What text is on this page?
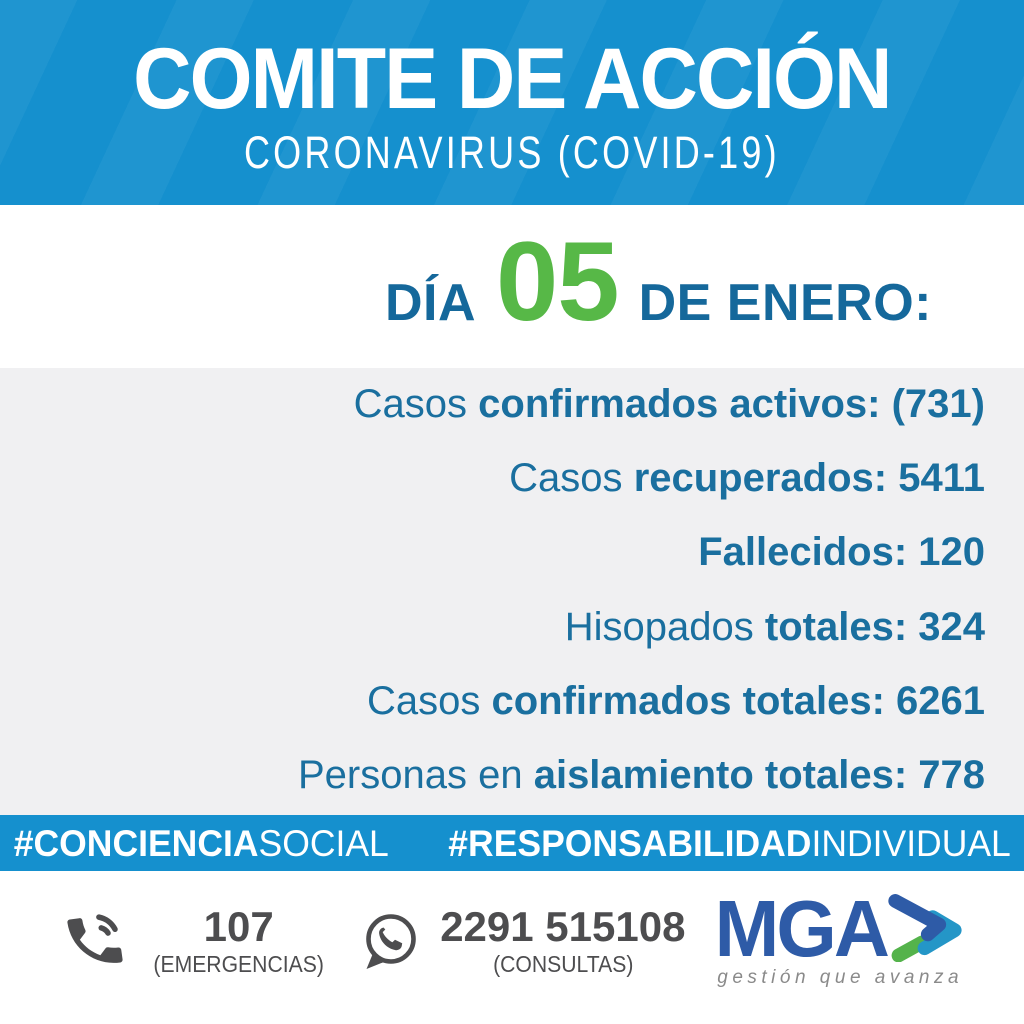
COMITE DE ACCIÓN
CORONAVIRUS (COVID-19)
DÍA 05 DE ENERO:
Casos confirmados activos: (731)
Casos recuperados: 5411
Fallecidos: 120
Hisopados totales: 324
Casos confirmados totales: 6261
Personas en aislamiento totales: 778
#CONCIENCIASOCIAL #RESPONSABILIDADINDIVIDUAL
107
(EMERGENCIAS)
2291 515108
(CONSULTAS) MGA
gestión que avanza
